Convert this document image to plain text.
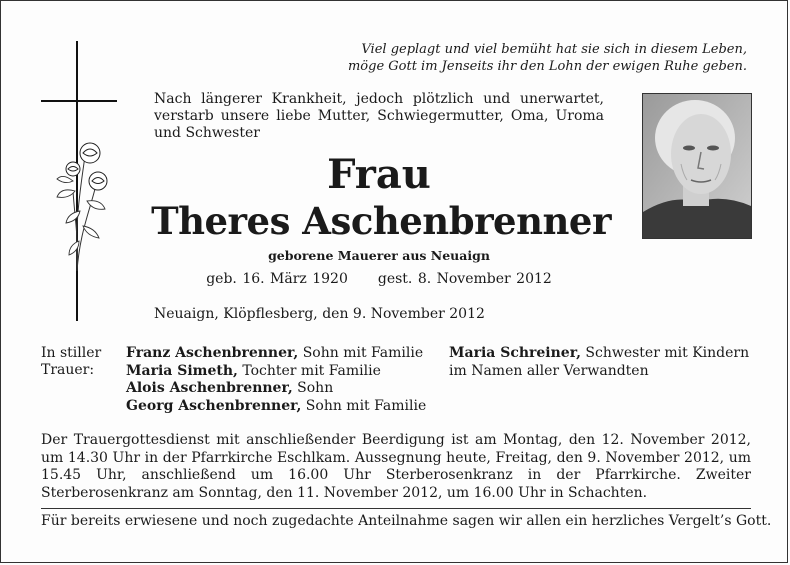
Viel geplagt und viel bemüht hat sie sich in diesem Leben,
möge Gott im Jenseits ihr den Lohn der ewigen Ruhe geben.
Nach längerer Krankheit, jedoch plötzlich und unerwartet, verstarb unsere liebe Mutter, Schwiegermutter, Oma, Uroma und Schwester
Frau
Theres Aschenbrenner
geborene Mauerer aus Neuaign
geb. 16. März 1920 gest. 8. November 2012
Neuaign, Klöpflesberg, den 9. November 2012
In stiller
Trauer:
Franz Aschenbrenner, Sohn mit Familie
Maria Simeth, Tochter mit Familie
Alois Aschenbrenner, Sohn
Georg Aschenbrenner, Sohn mit Familie
Maria Schreiner, Schwester mit Kindern
im Namen aller Verwandten
Der Trauergottesdienst mit anschließender Beerdigung ist am Montag, den 12. November 2012, um 14.30 Uhr in der Pfarrkirche Eschlkam. Aussegnung heute, Freitag, den 9. November 2012, um 15.45 Uhr, anschließend um 16.00 Uhr Sterberosenkranz in der Pfarrkirche. Zweiter Sterberosenkranz am Sonntag, den 11. November 2012, um 16.00 Uhr in Schachten.
Für bereits erwiesene und noch zugedachte Anteilnahme sagen wir allen ein herzliches Vergelt’s Gott.
